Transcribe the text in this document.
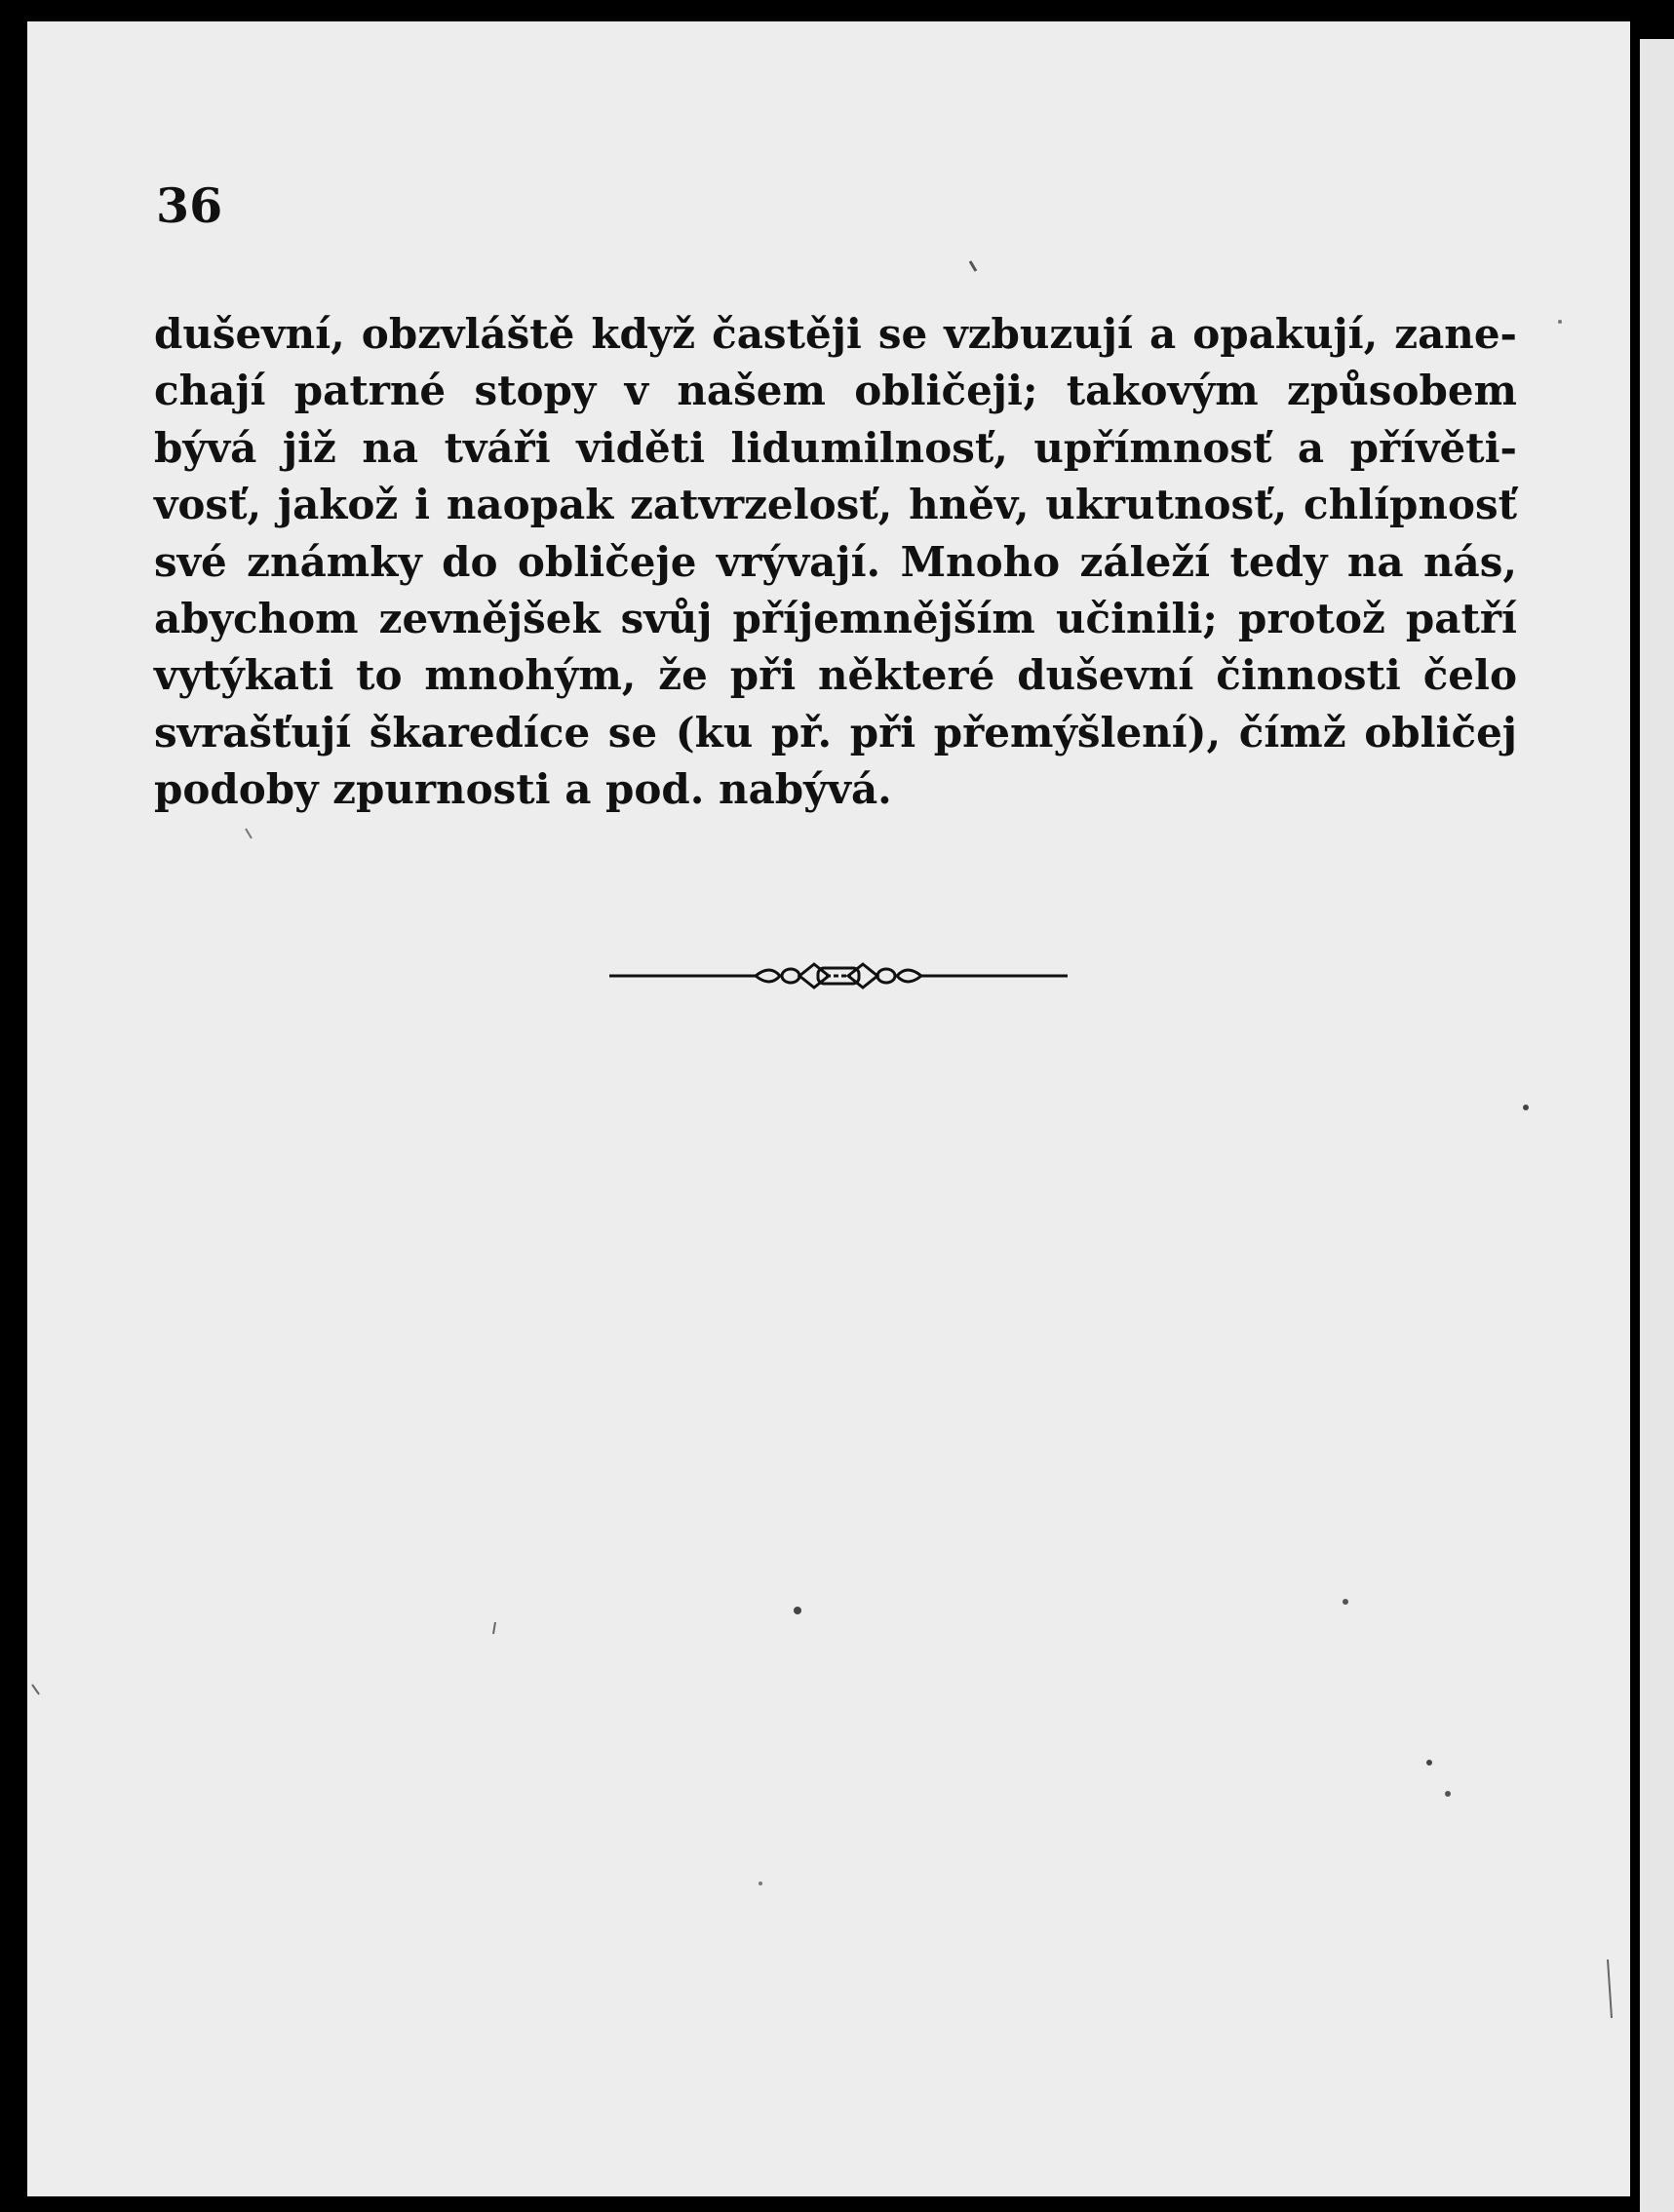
36

duševní, obzvláště když častěji se vzbuzují a opakují, zane-
chají patrné stopy v našem obličeji; takovým způsobem
bývá již na tváři viděti lidumilnosť, upřímnosť a přívěti-
vosť, jakož i naopak zatvrzelosť, hněv, ukrutnosť, chlípnosť
své známky do obličeje vrývají. Mnoho záleží tedy na nás,
abychom zevnějšek svůj příjemnějším učinili; protož patří
vytýkati to mnohým, že při některé duševní činnosti čelo
svrašťují škaredíce se (ku př. při přemýšlení), čímž obličej
podoby zpurnosti a pod. nabývá.
